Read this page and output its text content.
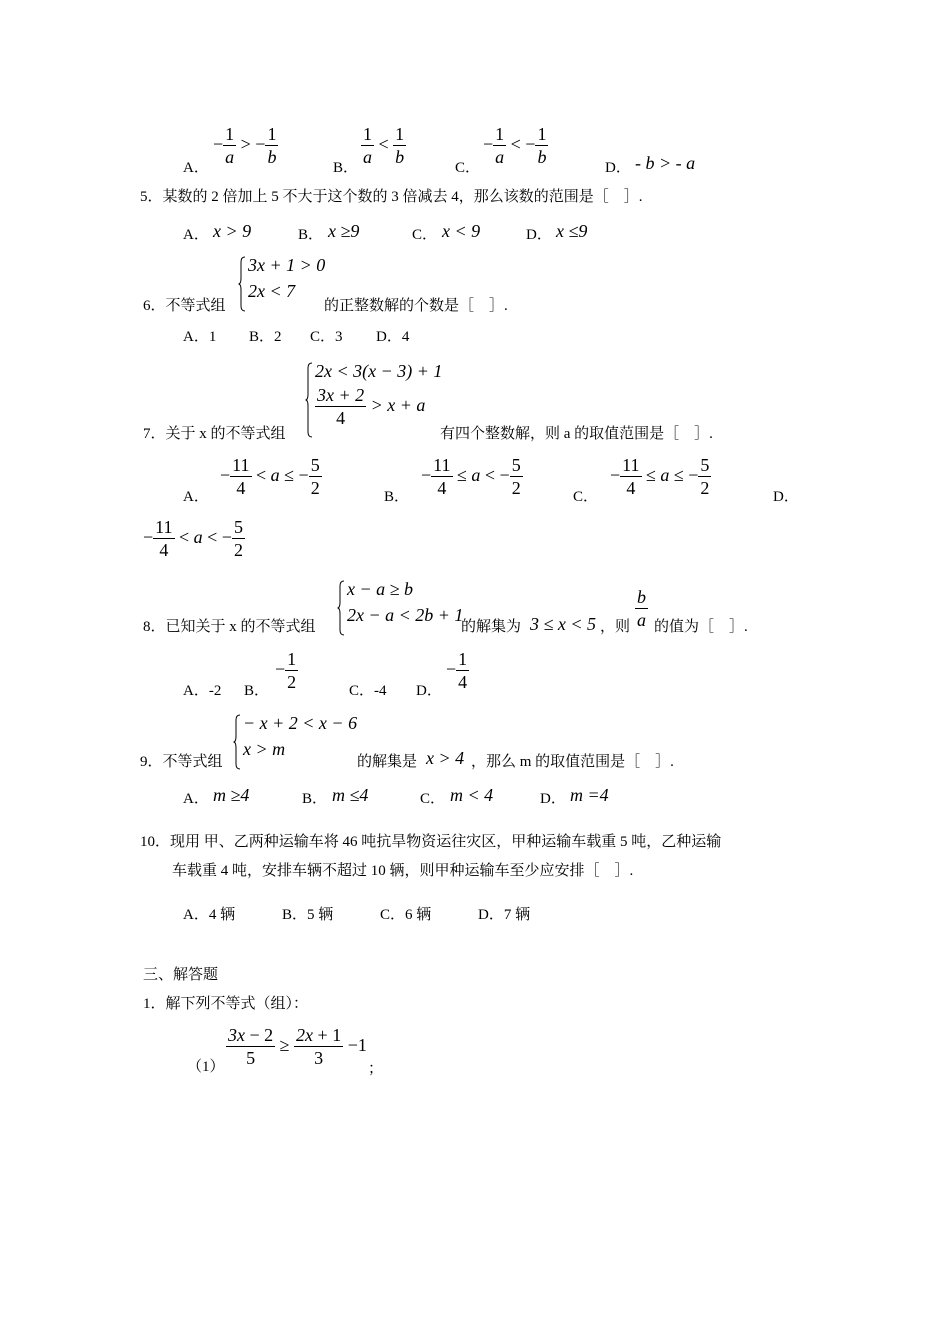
A．
− $\frac{1}{a}$ > − $\frac{1}{b}$
B．
$\frac{1}{a} < \frac{1}{b}$
C．
− $\frac{1}{a}$ < − $\frac{1}{b}$
D． - b > - a
5．某数的 2 倍加上 5 不大于这个数的 3 倍减去 4，那么该数的范围是［　］.
A． x > 9	B． x ≥9	C． x < 9	D． x ≤9
6．不等式组
3x + 1 > 0
2x < 7
的正整数解的个数是［　］.
A．1 B．2 C．3 D．4
7．关于 x 的不等式组
2x < 3(x − 3) + 1
$\frac{3x + 2}{4} > x + a$
有四个整数解，则 a 的取值范围是［　］.
A．
− $\frac{11}{4} < a$ ≤ − $\frac{5}{2}$	B．
− $\frac{11}{4} \le a$ < − $\frac{5}{2}$	C．
− $\frac{11}{4} \le a$ ≤ − $\frac{5}{2}$	D．
− $\frac{11}{4} < a$ < − $\frac{5}{2}$
8．已知关于 x 的不等式组
x − a ≥ b
2x − a < 2b + 1
的解集为 3 ≤ x < 5 ，则 $\frac{b}{a}$ 的值为［　］.
A．-2 B．
− $\frac{1}{2}$	C．-4 D．
− $\frac{1}{4}$
9．不等式组
− x + 2 < x − 6
x > m
的解集是 x > 4 ，那么 m 的取值范围是［　］.
A． m ≥4	B． m ≤4	C． m < 4	D． m =4
10．现用 甲、乙两种运输车将 46 吨抗旱物资运往灾区，甲种运输车载重 5 吨，乙种运输
车载重 4 吨，安排车辆不超过 10 辆，则甲种运输车至少应安排［　］.
A．4 辆	B．5 辆	C．6 辆	D．7 辆
三、解答题
1．解下列不等式（组）：
$(1) \frac{3x - 2}{5} \ge \frac{2x + 1}{3} -1$
；
